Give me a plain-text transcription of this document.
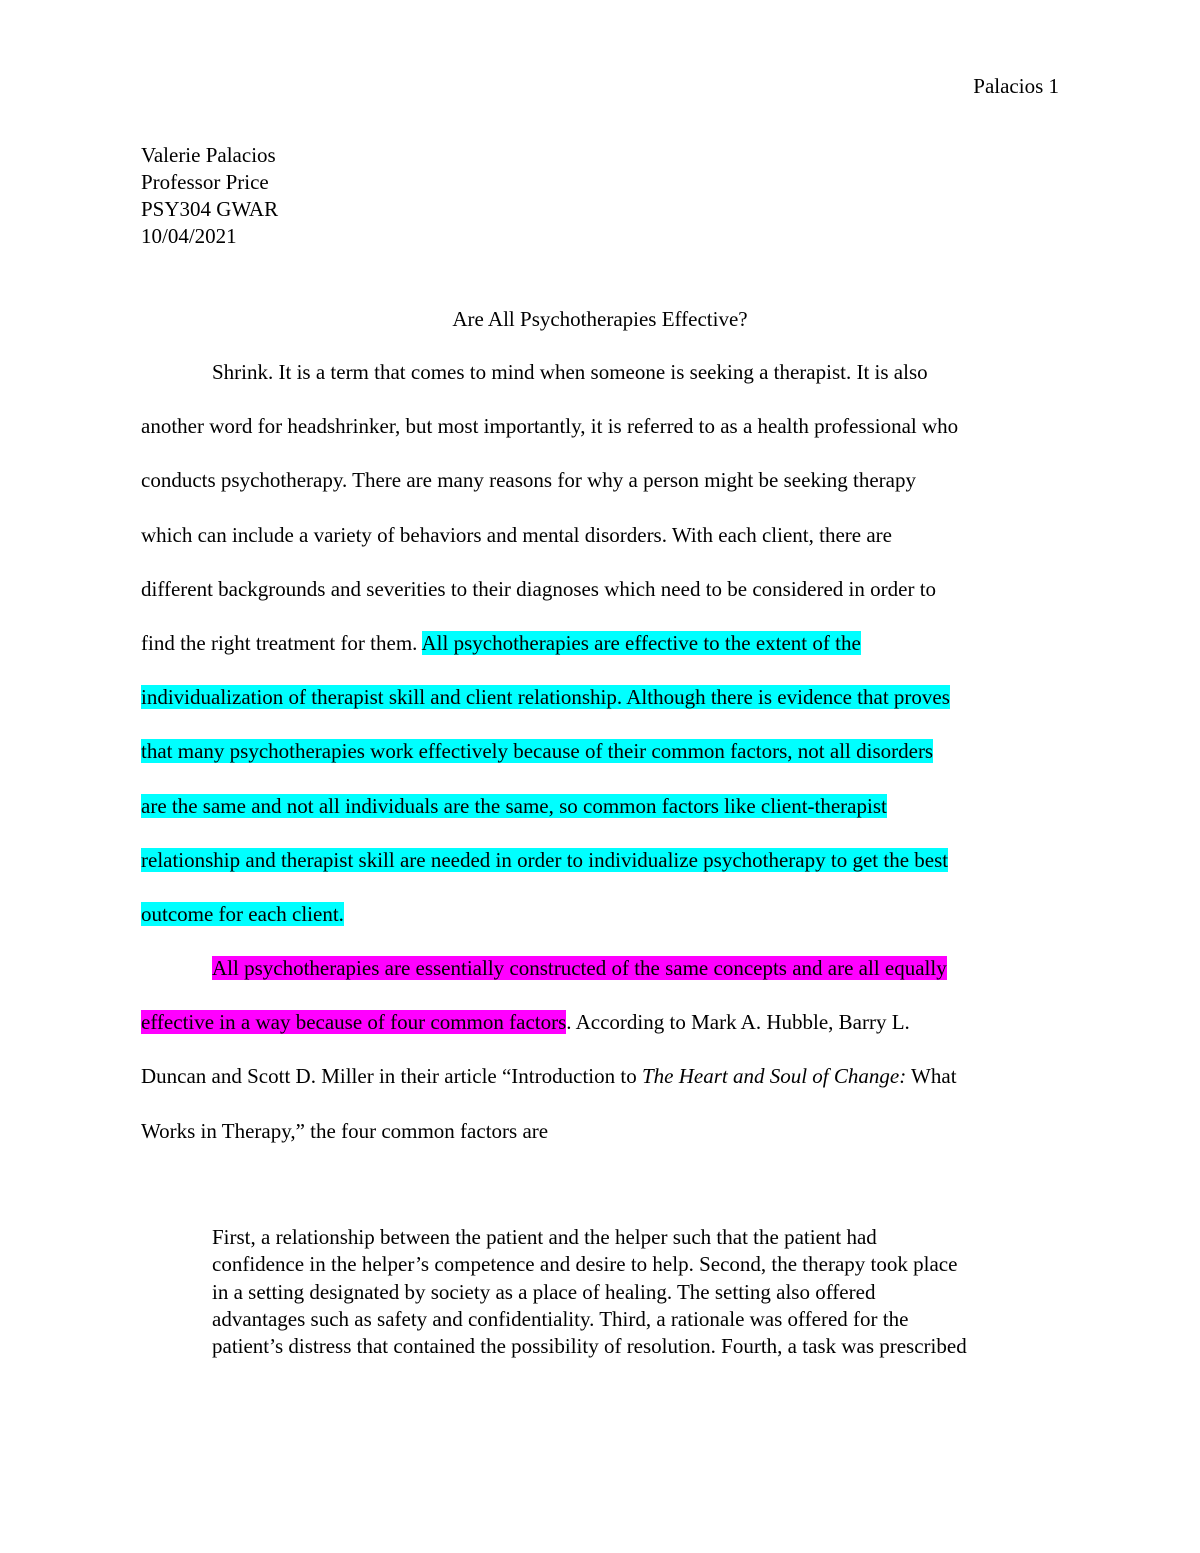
Palacios 1
Valerie Palacios
Professor Price
PSY304 GWAR
10/04/2021
Are All Psychotherapies Effective?
Shrink. It is a term that comes to mind when someone is seeking a therapist. It is also
another word for headshrinker, but most importantly, it is referred to as a health professional who
conducts psychotherapy. There are many reasons for why a person might be seeking therapy
which can include a variety of behaviors and mental disorders. With each client, there are
different backgrounds and severities to their diagnoses which need to be considered in order to
find the right treatment for them. All psychotherapies are effective to the extent of the
individualization of therapist skill and client relationship. Although there is evidence that proves
that many psychotherapies work effectively because of their common factors, not all disorders
are the same and not all individuals are the same, so common factors like client-therapist
relationship and therapist skill are needed in order to individualize psychotherapy to get the best
outcome for each client.
All psychotherapies are essentially constructed of the same concepts and are all equally
effective in a way because of four common factors. According to Mark A. Hubble, Barry L.
Duncan and Scott D. Miller in their article “Introduction to The Heart and Soul of Change: What
Works in Therapy,” the four common factors are
First, a relationship between the patient and the helper such that the patient had
confidence in the helper’s competence and desire to help. Second, the therapy took place
in a setting designated by society as a place of healing. The setting also offered
advantages such as safety and confidentiality. Third, a rationale was offered for the
patient’s distress that contained the possibility of resolution. Fourth, a task was prescribed
